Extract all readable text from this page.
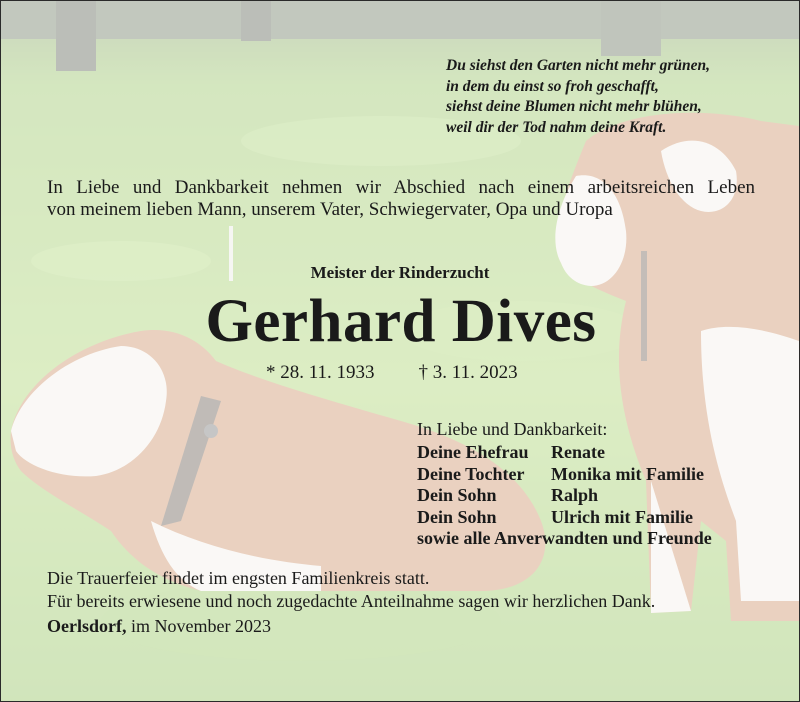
Du siehst den Garten nicht mehr grünen,
in dem du einst so froh geschafft,
siehst deine Blumen nicht mehr blühen,
weil dir der Tod nahm deine Kraft.
In Liebe und Dankbarkeit nehmen wir Abschied nach einem arbeitsreichen Leben
von meinem lieben Mann, unserem Vater, Schwiegervater, Opa und Uropa
Meister der Rinderzucht
Gerhard Dives
* 28. 11. 1933 † 3. 11. 2023
In Liebe und Dankbarkeit:
Deine Ehefrau Renate
Deine Tochter Monika mit Familie
Dein Sohn	Ralph
Dein Sohn	Ulrich mit Familie
sowie alle Anverwandten und Freunde
Die Trauerfeier findet im engsten Familienkreis statt.
Für bereits erwiesene und noch zugedachte Anteilnahme sagen wir herzlichen Dank.
Oerlsdorf, im November 2023
